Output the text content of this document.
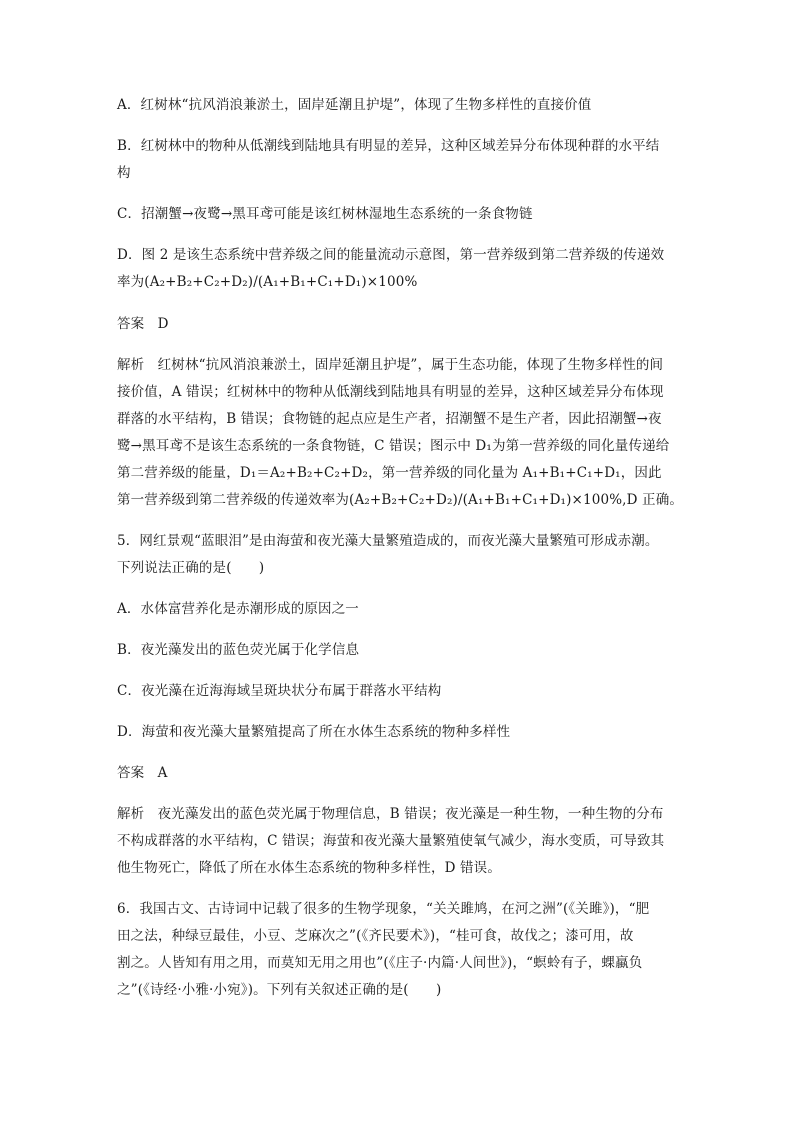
A．红树林“抗风消浪兼淤土，固岸延潮且护堤”，体现了生物多样性的直接价值
B．红树林中的物种从低潮线到陆地具有明显的差异，这种区域差异分布体现种群的水平结
构
C．招潮蟹→夜鹭→黑耳鸢可能是该红树林湿地生态系统的一条食物链
D．图 2 是该生态系统中营养级之间的能量流动示意图，第一营养级到第二营养级的传递效
率为(A₂+B₂+C₂+D₂)/(A₁+B₁+C₁+D₁)×100%
答案 D
解析 红树林“抗风消浪兼淤土，固岸延潮且护堤”，属于生态功能，体现了生物多样性的间
接价值，A 错误；红树林中的物种从低潮线到陆地具有明显的差异，这种区域差异分布体现
群落的水平结构，B 错误；食物链的起点应是生产者，招潮蟹不是生产者，因此招潮蟹→夜
鹭→黑耳鸢不是该生态系统的一条食物链，C 错误；图示中 D₁为第一营养级的同化量传递给
第二营养级的能量，D₁＝A₂+B₂+C₂+D₂，第一营养级的同化量为 A₁+B₁+C₁+D₁，因此
第一营养级到第二营养级的传递效率为(A₂+B₂+C₂+D₂)/(A₁+B₁+C₁+D₁)×100%,D 正确。
5．网红景观“蓝眼泪”是由海萤和夜光藻大量繁殖造成的，而夜光藻大量繁殖可形成赤潮。
下列说法正确的是(　　)
A．水体富营养化是赤潮形成的原因之一
B．夜光藻发出的蓝色荧光属于化学信息
C．夜光藻在近海海域呈斑块状分布属于群落水平结构
D．海萤和夜光藻大量繁殖提高了所在水体生态系统的物种多样性
答案 A
解析 夜光藻发出的蓝色荧光属于物理信息，B 错误；夜光藻是一种生物，一种生物的分布
不构成群落的水平结构，C 错误；海萤和夜光藻大量繁殖使氧气减少，海水变质，可导致其
他生物死亡，降低了所在水体生态系统的物种多样性，D 错误。
6．我国古文、古诗词中记载了很多的生物学现象，“关关雎鸠，在河之洲”(《关雎》)，“肥
田之法，种绿豆最佳，小豆、芝麻次之”(《齐民要术》)，“桂可食，故伐之；漆可用，故
割之。人皆知有用之用，而莫知无用之用也”(《庄子·内篇·人间世》)，“螟蛉有子，蜾蠃负
之”(《诗经·小雅·小宛》)。下列有关叙述正确的是(　　)
